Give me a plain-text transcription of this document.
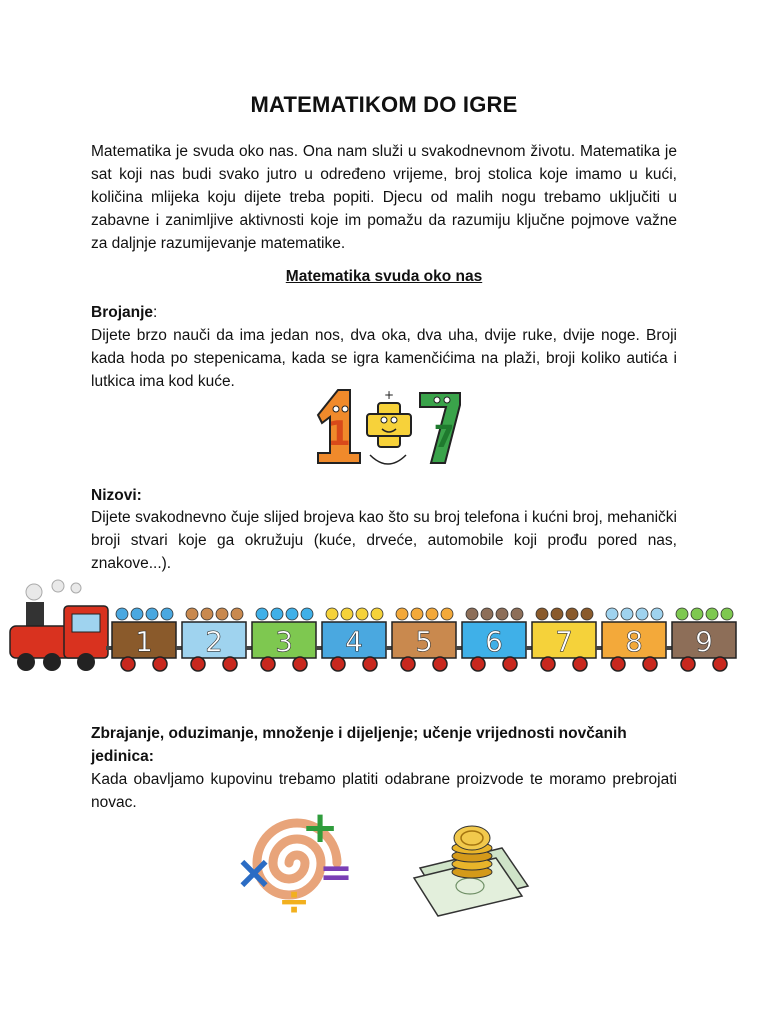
MATEMATIKOM DO IGRE

Matematika je svuda oko nas. Ona nam služi u svakodnevnom životu. Matematika je sat koji nas budi svako jutro u određeno vrijeme, broj stolica koje imamo u kući, količina mlijeka koju dijete treba popiti. Djecu od malih nogu trebamo uključiti u zabavne i zanimljive aktivnosti koje im pomažu da razumiju ključne pojmove važne za daljnje razumijevanje matematike.

Matematika svuda oko nas
Brojanje:

Dijete brzo nauči da ima jedan nos, dva oka, dva uha, dvije ruke, dvije noge. Broji kada hoda po stepenicama, kada se igra kamenčićima na plaži, broji koliko autića i lutkica ima kod kuće.

1
+
7
Nizovi:

Dijete svakodnevno čuje slijed brojeva kao što su broj telefona i kućni broj, mehanički broji stvari koje ga okružuju (kuće, drveće, automobile koji prođu pored nas, znakove...).

1 2 3 4 5 6 7 8 9
Zbrajanje, oduzimanje, množenje i dijeljenje; učenje vrijednosti novčanih jedinica:

Kada obavljamo kupovinu trebamo platiti odabrane proizvode te moramo prebrojati novac.	+
×
÷
=
